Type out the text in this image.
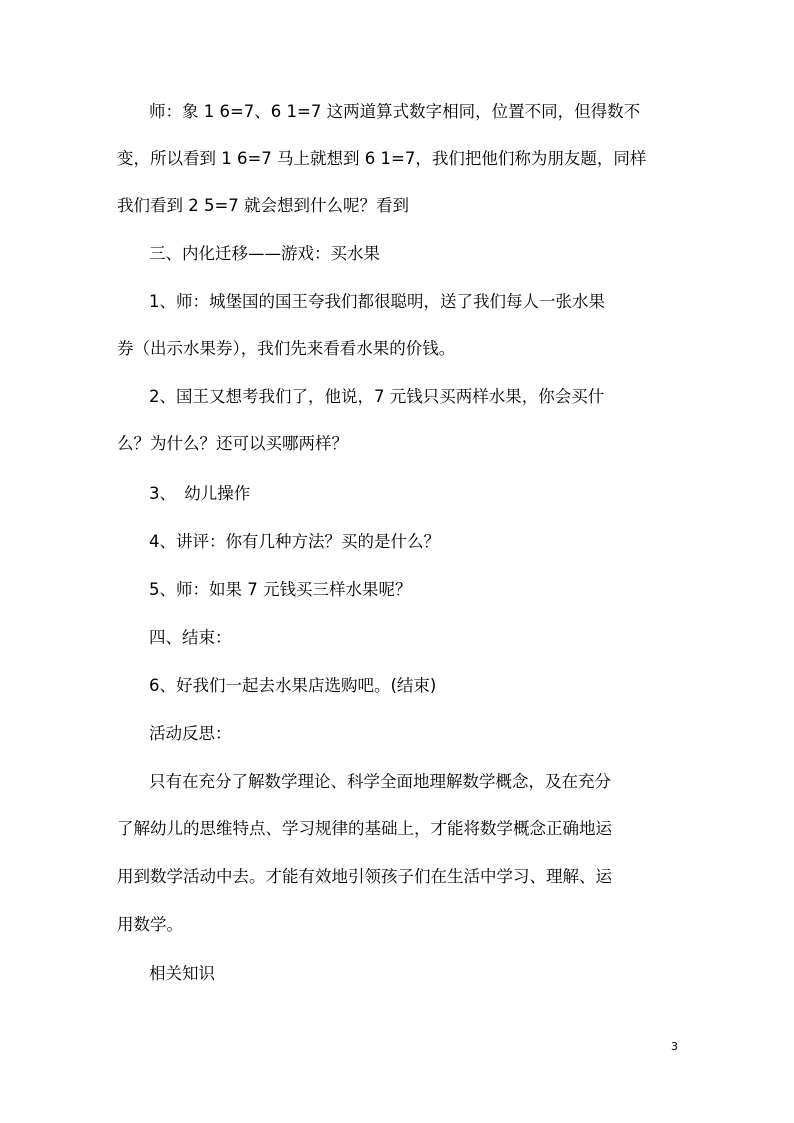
师：象 1 6=7、6 1=7 这两道算式数字相同，位置不同，但得数不

变，所以看到 1 6=7 马上就想到 6 1=7，我们把他们称为朋友题，同样

我们看到 2 5=7 就会想到什么呢？看到

三、内化迁移——游戏：买水果

1、师：城堡国的国王夸我们都很聪明，送了我们每人一张水果

券（出示水果券），我们先来看看水果的价钱。

2、国王又想考我们了，他说，7 元钱只买两样水果，你会买什

么？为什么？还可以买哪两样？

3、　幼儿操作

4、讲评：你有几种方法？买的是什么？

5、师：如果 7 元钱买三样水果呢？

四、结束：

6、好我们一起去水果店选购吧。(结束)

活动反思：

只有在充分了解数学理论、科学全面地理解数学概念，及在充分

了解幼儿的思维特点、学习规律的基础上，才能将数学概念正确地运

用到数学活动中去。才能有效地引领孩子们在生活中学习、理解、运

用数学。

相关知识

3
